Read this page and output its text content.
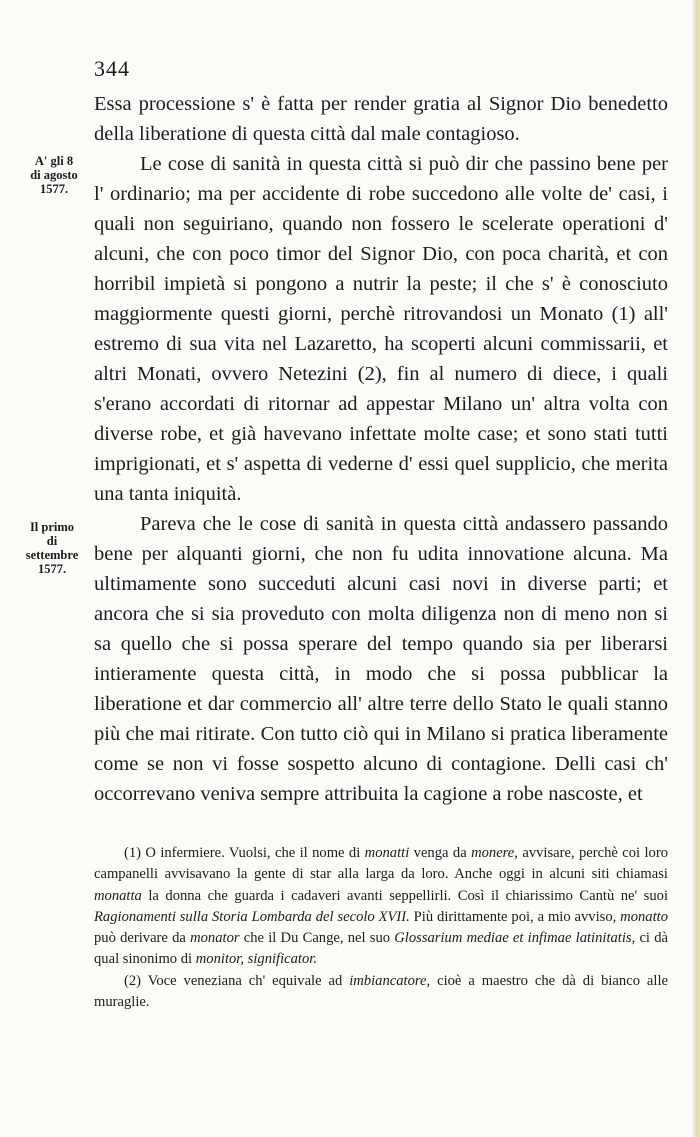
344
A' gli 8
di agosto
1577.
Il primo
di
settembre
1577.

Essa processione s' è fatta per render gratia al Signor Dio benedetto della liberatione di questa città dal male contagioso.

Le cose di sanità in questa città si può dir che passino bene per l' ordinario; ma per accidente di robe succedono alle volte de' casi, i quali non seguiriano, quando non fossero le scelerate operationi d' alcuni, che con poco timor del Signor Dio, con poca charità, et con horribil impietà si pongono a nutrir la peste; il che s' è conosciuto maggiormente questi giorni, perchè ritrovandosi un Monato (1) all' estremo di sua vita nel Lazaretto, ha scoperti alcuni commissarii, et altri Monati, ovvero Netezini (2), fin al numero di diece, i quali s'erano accordati di ritornar ad appestar Milano un' altra volta con diverse robe, et già havevano infettate molte case; et sono stati tutti imprigionati, et s' aspetta di vederne d' essi quel supplicio, che merita una tanta iniquità.

Pareva che le cose di sanità in questa città andassero passando bene per alquanti giorni, che non fu udita innovatione alcuna. Ma ultimamente sono succeduti alcuni casi novi in diverse parti; et ancora che si sia proveduto con molta diligenza non di meno non si sa quello che si possa sperare del tempo quando sia per liberarsi intieramente questa città, in modo che si possa pubblicar la liberatione et dar commercio all' altre terre dello Stato le quali stanno più che mai ritirate. Con tutto ciò qui in Milano si pratica liberamente come se non vi fosse sospetto alcuno di contagione. Delli casi ch' occorrevano veniva sempre attribuita la cagione a robe nascoste, et

(1) O infermiere. Vuolsi, che il nome di monatti venga da monere, avvisare, perchè coi loro campanelli avvisavano la gente di star alla larga da loro. Anche oggi in alcuni siti chiamasi monatta la donna che guarda i cadaveri avanti seppellirli. Così il chiarissimo Cantù ne' suoi Ragionamenti sulla Storia Lombarda del secolo XVII. Più dirittamente poi, a mio avviso, monatto può derivare da monator che il Du Cange, nel suo Glossarium mediae et infimae latinitatis, ci dà qual sinonimo di monitor, significator.

(2) Voce veneziana ch' equivale ad imbiancatore, cioè a maestro che dà di bianco alle muraglie.
